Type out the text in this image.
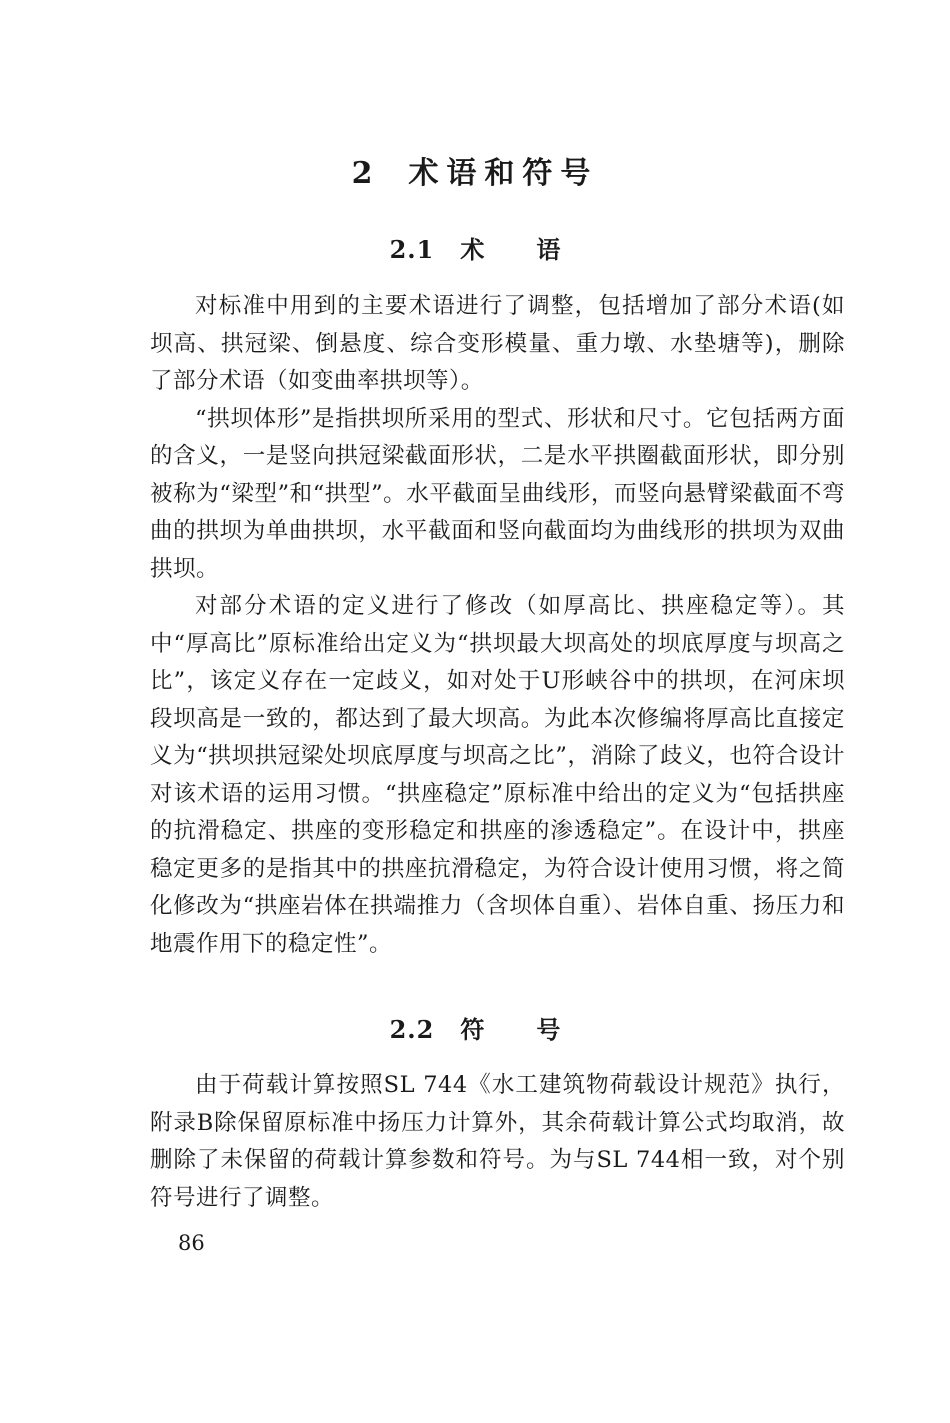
2 术语和符号
2.1 术 语

对标准中用到的主要术语进行了调整，包括增加了部分术语(如坝高、拱冠梁、倒悬度、综合变形模量、重力墩、水垫塘等)，删除了部分术语（如变曲率拱坝等）。

“拱坝体形”是指拱坝所采用的型式、形状和尺寸。它包括两方面的含义，一是竖向拱冠梁截面形状，二是水平拱圈截面形状，即分别被称为“梁型”和“拱型”。水平截面呈曲线形，而竖向悬臂梁截面不弯曲的拱坝为单曲拱坝，水平截面和竖向截面均为曲线形的拱坝为双曲拱坝。

对部分术语的定义进行了修改（如厚高比、拱座稳定等）。其中“厚高比”原标准给出定义为“拱坝最大坝高处的坝底厚度与坝高之比”，该定义存在一定歧义，如对处于U形峡谷中的拱坝，在河床坝段坝高是一致的，都达到了最大坝高。为此本次修编将厚高比直接定义为“拱坝拱冠梁处坝底厚度与坝高之比”，消除了歧义，也符合设计对该术语的运用习惯。“拱座稳定”原标准中给出的定义为“包括拱座的抗滑稳定、拱座的变形稳定和拱座的渗透稳定”。在设计中，拱座稳定更多的是指其中的拱座抗滑稳定，为符合设计使用习惯，将之简化修改为“拱座岩体在拱端推力（含坝体自重）、岩体自重、扬压力和地震作用下的稳定性”。

2.2 符 号

由于荷载计算按照SL 744《水工建筑物荷载设计规范》执行，附录B除保留原标准中扬压力计算外，其余荷载计算公式均取消，故删除了未保留的荷载计算参数和符号。为与SL 744相一致，对个别符号进行了调整。

86
